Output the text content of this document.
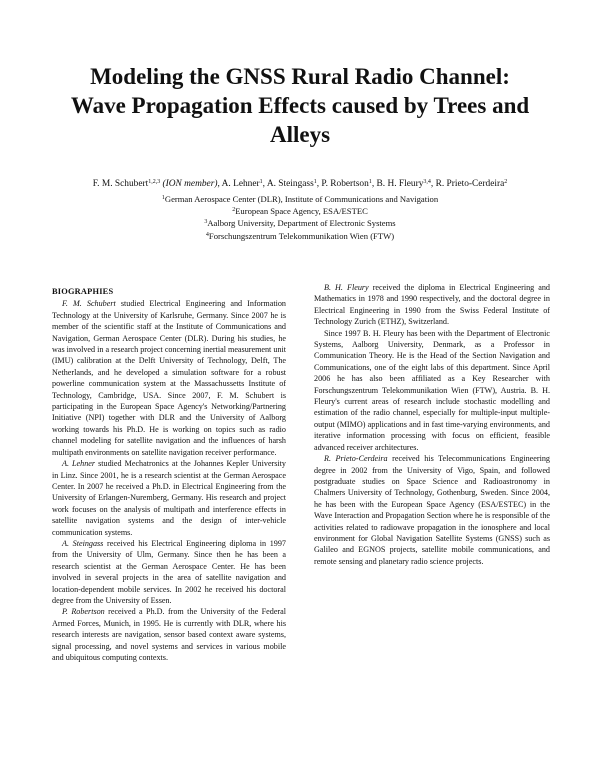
Modeling the GNSS Rural Radio Channel:
Wave Propagation Effects caused by Trees and
Alleys
F. M. Schubert$^{1,2,3}$ (ION member), A. Lehner$^1$, A. Steingass$^1$, P. Robertson$^1$, B. H. Fleury$^{3,4}$, R. Prieto-Cerdeira$^2$
$^1$German Aerospace Center (DLR), Institute of Communications and Navigation
$^2$European Space Agency, ESA/ESTEC
$^3$Aalborg University, Department of Electronic Systems
$^4$Forschungszentrum Telekommunikation Wien (FTW)
BIOGRAPHIES

F. M. Schubert studied Electrical Engineering and Information Technology at the University of Karlsruhe, Germany. Since 2007 he is member of the scientific staff at the Institute of Communications and Navigation, German Aerospace Center (DLR). During his studies, he was involved in a research project concerning inertial measurement unit (IMU) calibration at the Delft University of Technology, Delft, The Netherlands, and he developed a simulation software for a robust powerline communication system at the Massachussetts Institute of Technology, Cambridge, USA. Since 2007, F. M. Schubert is participating in the European Space Agency's Networking/Partnering Initiative (NPI) together with DLR and the University of Aalborg working towards his Ph.D. He is working on topics such as radio channel modeling for satellite navigation and the influences of harsh multipath environments on satellite navigation receiver performance.

A. Lehner studied Mechatronics at the Johannes Kepler University in Linz. Since 2001, he is a research scientist at the German Aerospace Center. In 2007 he received a Ph.D. in Electrical Engineering from the University of Erlangen-Nuremberg, Germany. His research and project work focuses on the analysis of multipath and interference effects in satellite navigation systems and the design of inter-vehicle communication systems.

A. Steingass received his Electrical Engineering diploma in 1997 from the University of Ulm, Germany. Since then he has been a research scientist at the German Aerospace Center. He has been involved in several projects in the area of satellite navigation and location-dependent mobile services. In 2002 he received his doctoral degree from the University of Essen.

P. Robertson received a Ph.D. from the University of the Federal Armed Forces, Munich, in 1995. He is currently with DLR, where his research interests are navigation, sensor based context aware systems, signal processing, and novel systems and services in various mobile and ubiquitous computing contexts.

B. H. Fleury received the diploma in Electrical Engineering and Mathematics in 1978 and 1990 respectively, and the doctoral degree in Electrical Engineering in 1990 from the Swiss Federal Institute of Technology Zurich (ETHZ), Switzerland.

Since 1997 B. H. Fleury has been with the Department of Electronic Systems, Aalborg University, Denmark, as a Professor in Communication Theory. He is the Head of the Section Navigation and Communications, one of the eight labs of this department. Since April 2006 he has also been affiliated as a Key Researcher with Forschungszentrum Telekommunikation Wien (FTW), Austria. B. H. Fleury's current areas of research include stochastic modelling and estimation of the radio channel, especially for multiple-input multiple-output (MIMO) applications and in fast time-varying environments, and iterative information processing with focus on efficient, feasible advanced receiver architectures.

R. Prieto-Cerdeira received his Telecommunications Engineering degree in 2002 from the University of Vigo, Spain, and followed postgraduate studies on Space Science and Radioastronomy in Chalmers University of Technology, Gothenburg, Sweden. Since 2004, he has been with the European Space Agency (ESA/ESTEC) in the Wave Interaction and Propagation Section where he is responsible of the activities related to radiowave propagation in the ionosphere and local environment for Global Navigation Satellite Systems (GNSS) such as Galileo and EGNOS projects, satellite mobile communications, and remote sensing and planetary radio science projects.
